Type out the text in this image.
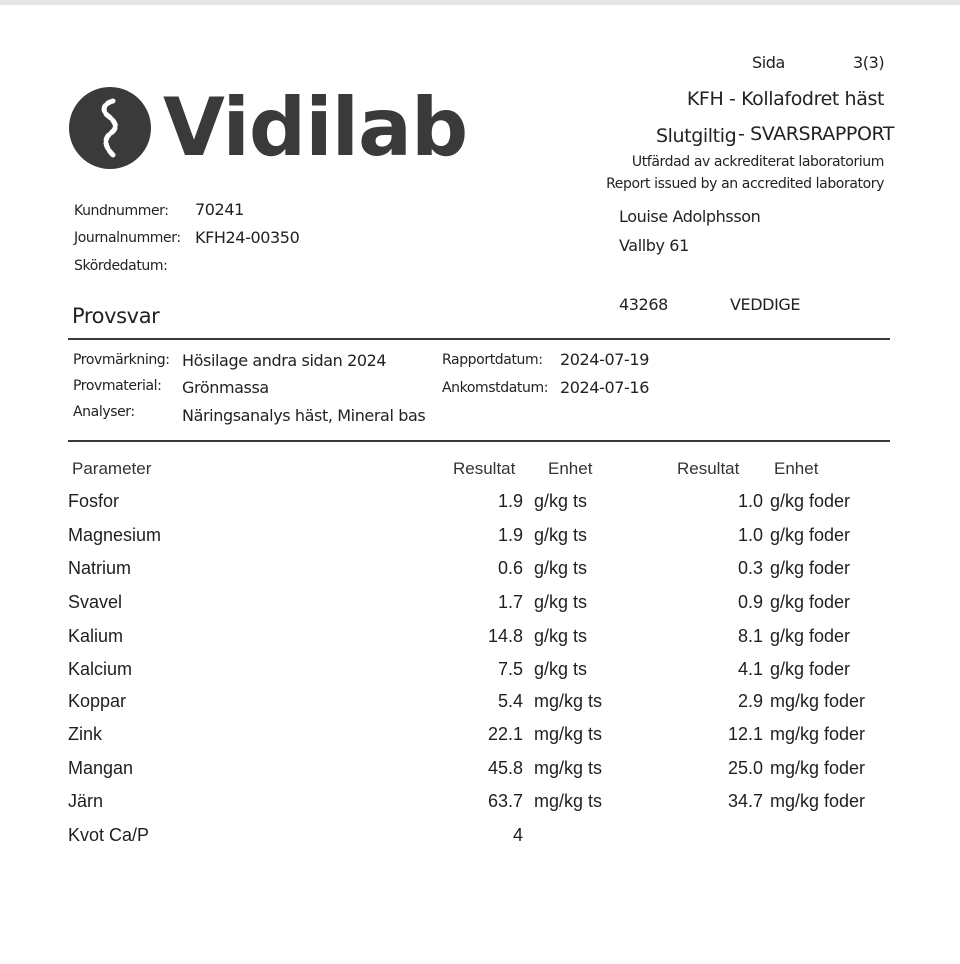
Vidilab
Sida	3(3)
KFH - Kollafodret häst
Slutgiltig - SVARSRAPPORT
Utfärdad av ackrediterat laboratorium
Report issued by an accredited laboratory
Kundnummer: 70241
Journalnummer: KFH24-00350
Skördedatum:
Louise Adolphsson
Vallby 61
43268	VEDDIGE
Provsvar
Provmärkning: Hösilage andra sidan 2024
Provmaterial: Grönmassa
Analyser:	Näringsanalys häst, Mineral bas
Rapportdatum: 2024-07-19
Ankomstdatum: 2024-07-16
Parameter	Resultat Enhet	Resultat Enhet
Fosfor	1.9 g/kg ts	1.0 g/kg foder
Magnesium	1.9 g/kg ts	1.0 g/kg foder
Natrium	0.6 g/kg ts	0.3 g/kg foder
Svavel	1.7 g/kg ts	0.9 g/kg foder
Kalium	14.8 g/kg ts	8.1 g/kg foder
Kalcium	7.5 g/kg ts	4.1 g/kg foder
Koppar	5.4 mg/kg ts	2.9 mg/kg foder
Zink	22.1 mg/kg ts	12.1 mg/kg foder
Mangan	45.8 mg/kg ts	25.0 mg/kg foder
Järn	63.7 mg/kg ts	34.7 mg/kg foder
Kvot Ca/P	4
